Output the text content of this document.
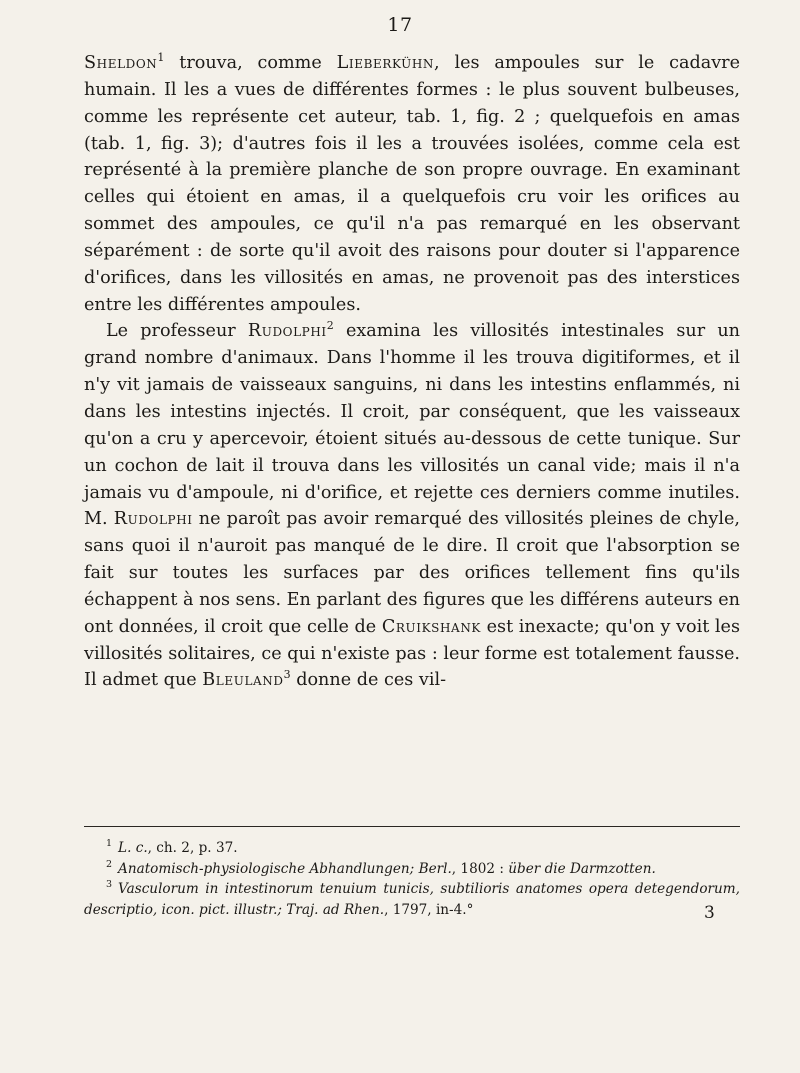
17

Sheldon$^1$ trouva, comme Lieberkühn, les ampoules sur le cadavre humain. Il les a vues de différentes formes : le plus souvent bulbeuses, comme les représente cet auteur, tab. 1, fig. 2 ; quelquefois en amas (tab. 1, fig. 3); d'autres fois il les a trouvées isolées, comme cela est représenté à la première planche de son propre ouvrage. En examinant celles qui étoient en amas, il a quelquefois cru voir les orifices au sommet des ampoules, ce qu'il n'a pas remarqué en les observant séparément : de sorte qu'il avoit des raisons pour douter si l'apparence d'orifices, dans les villosités en amas, ne provenoit pas des interstices entre les différentes ampoules.

Le professeur Rudolphi$^2$ examina les villosités intestinales sur un grand nombre d'animaux. Dans l'homme il les trouva digitiformes, et il n'y vit jamais de vaisseaux sanguins, ni dans les intestins enflammés, ni dans les intestins injectés. Il croit, par conséquent, que les vaisseaux qu'on a cru y apercevoir, étoient situés au-dessous de cette tunique. Sur un cochon de lait il trouva dans les villosités un canal vide; mais il n'a jamais vu d'ampoule, ni d'orifice, et rejette ces derniers comme inutiles. M. Rudolphi ne paroît pas avoir remarqué des villosités pleines de chyle, sans quoi il n'auroit pas manqué de le dire. Il croit que l'absorption se fait sur toutes les surfaces par des orifices tellement fins qu'ils échappent à nos sens. En parlant des figures que les différens auteurs en ont données, il croit que celle de Cruikshank est inexacte; qu'on y voit les villosités solitaires, ce qui n'existe pas : leur forme est totalement fausse. Il admet que Bleuland$^3$ donne de ces vil-

$^1$ L. c., ch. 2, p. 37.

$^2$ Anatomisch-physiologische Abhandlungen; Berl., 1802 : über die Darmzotten.

$^3$ Vasculorum in intestinorum tenuium tunicis, subtilioris anatomes opera detegendorum, descriptio, icon. pict. illustr.; Traj. ad Rhen., 1797, in-4.°	3
